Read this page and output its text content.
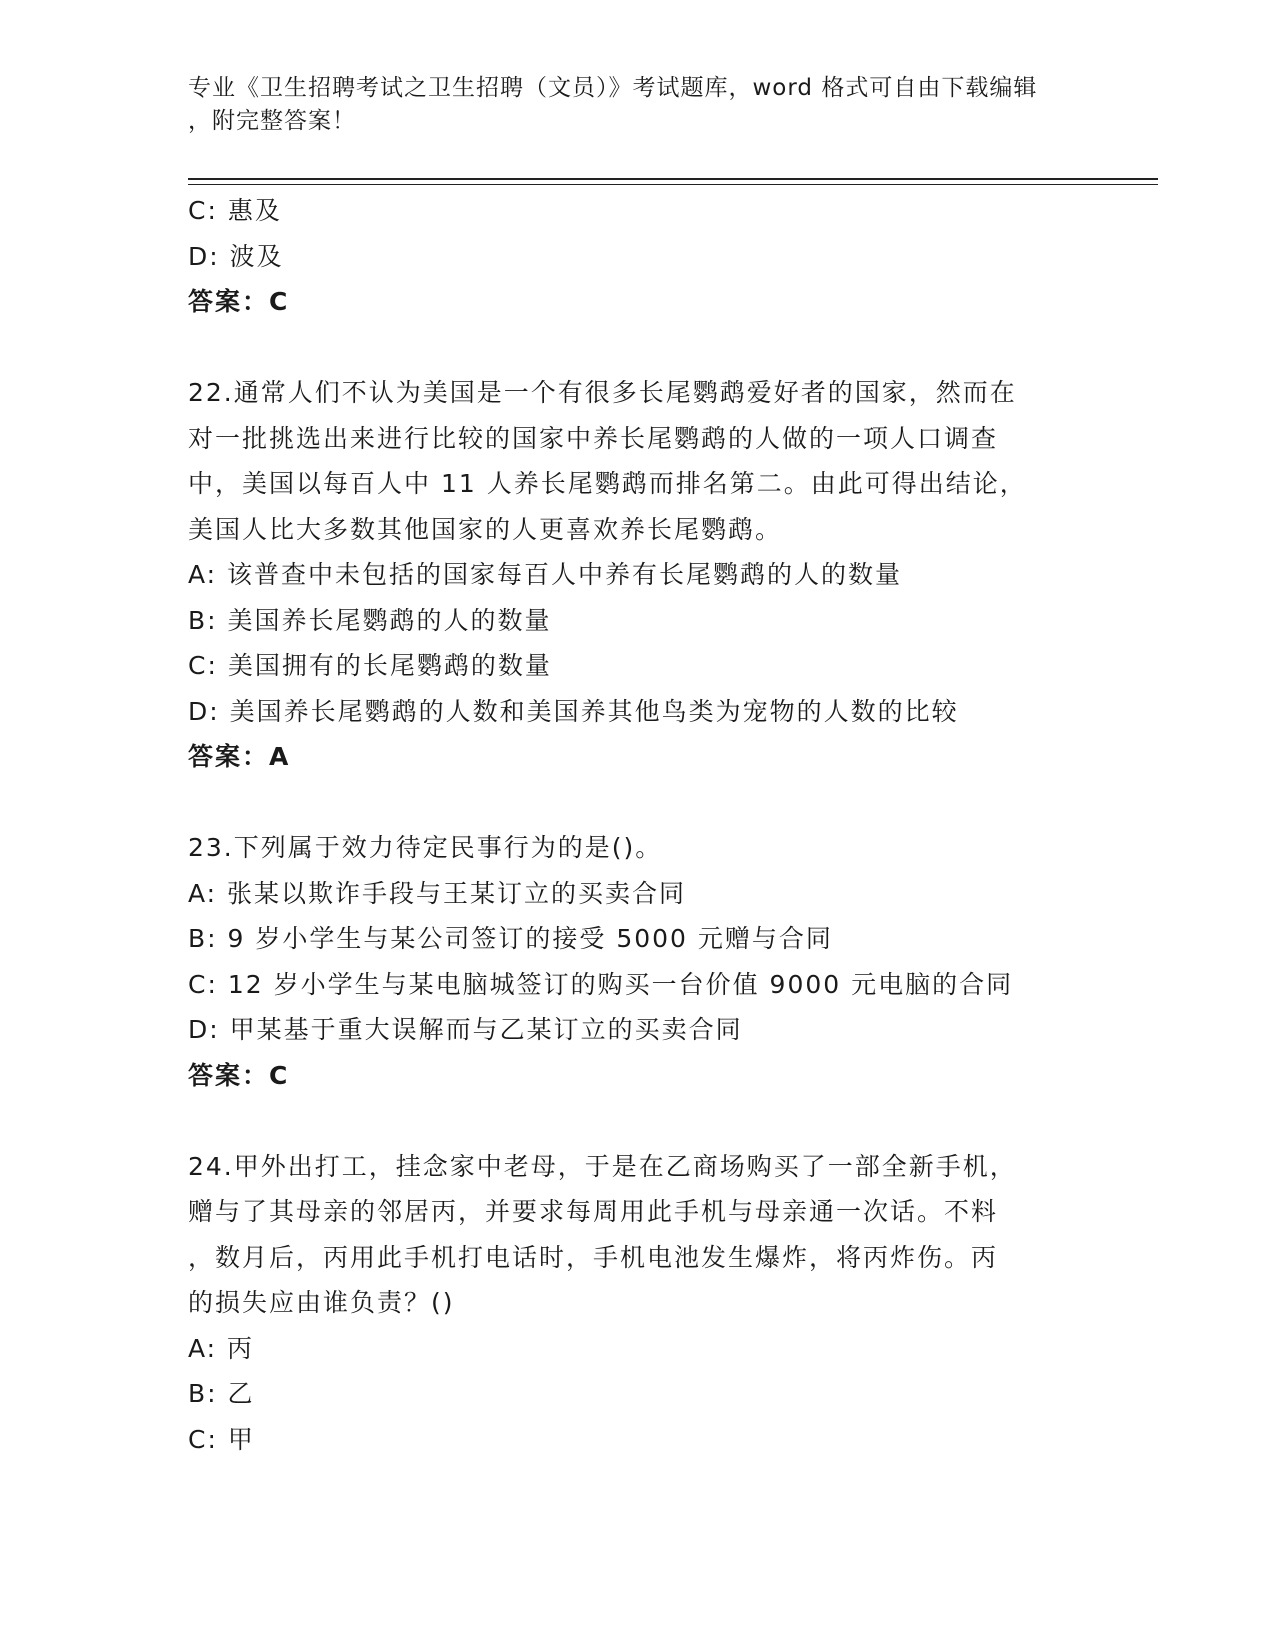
专业《卫生招聘考试之卫生招聘（文员）》考试题库，word 格式可自由下载编辑
，附完整答案！
C: 惠及
D: 波及
答案：C
22.通常人们不认为美国是一个有很多长尾鹦鹉爱好者的国家，然而在
对一批挑选出来进行比较的国家中养长尾鹦鹉的人做的一项人口调查
中，美国以每百人中 11 人养长尾鹦鹉而排名第二。由此可得出结论，
美国人比大多数其他国家的人更喜欢养长尾鹦鹉。
A: 该普查中未包括的国家每百人中养有长尾鹦鹉的人的数量
B: 美国养长尾鹦鹉的人的数量
C: 美国拥有的长尾鹦鹉的数量
D: 美国养长尾鹦鹉的人数和美国养其他鸟类为宠物的人数的比较
答案：A
23.下列属于效力待定民事行为的是()。
A: 张某以欺诈手段与王某订立的买卖合同
B: 9 岁小学生与某公司签订的接受 5000 元赠与合同
C: 12 岁小学生与某电脑城签订的购买一台价值 9000 元电脑的合同
D: 甲某基于重大误解而与乙某订立的买卖合同
答案：C
24.甲外出打工，挂念家中老母，于是在乙商场购买了一部全新手机，
赠与了其母亲的邻居丙，并要求每周用此手机与母亲通一次话。不料
，数月后，丙用此手机打电话时，手机电池发生爆炸，将丙炸伤。丙
的损失应由谁负责？()
A: 丙
B: 乙
C: 甲
